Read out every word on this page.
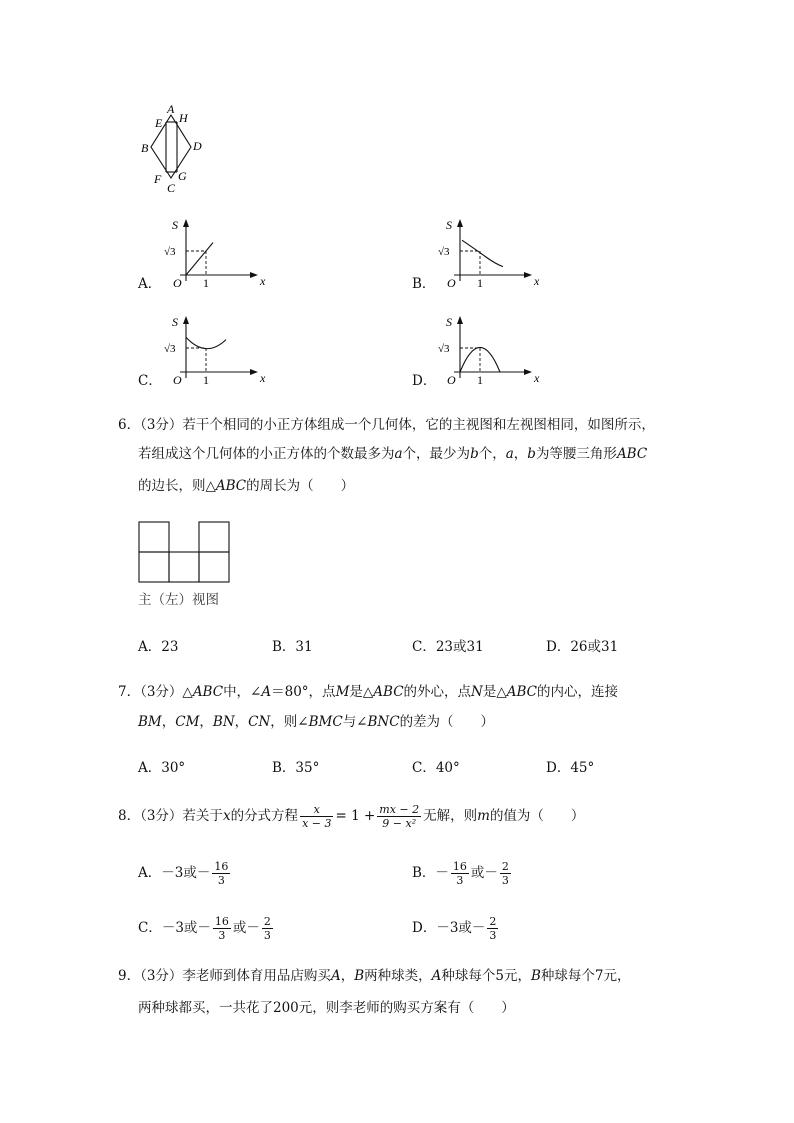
A
H
E
B	D
F G
C
A．
S
x
O 1
√3
B．
S
x
O 1
√3
C．
S
x
O 1
√3
D．
S
x
O 1
√3
6．（3分）若干个相同的小正方体组成一个几何体，它的主视图和左视图相同，如图所示，
若组成这个几何体的小正方体的个数最多为a个，最少为b个，a，b为等腰三角形ABC
的边长，则△ABC的周长为（　　）
主（左）视图
A．23	B．31	C．23或31	D．26或31
7．（3分）△ABC中，∠A＝80°，点M是△ABC的外心，点N是△ABC的内心，连接
BM，CM，BN，CN，则∠BMC与∠BNC的差为（　　）
A．30°	B．35°	C．40°	D．45°
8．（3分）若关于x的分式方程 $\frac{x}{x - 3} = 1 + \frac{mx - 2}{\text{9 − x²}}$ 无解，则m的值为（　　）
A．－3或－ $\frac{16}{3}$	B．－ $\frac{16}{3}$ 或－ $\frac{2}{3}$
C．－3或－ $\frac{16}{3}$ 或－ $\frac{2}{3}$	D．－3或－ $\frac{2}{3}$
9．（3分）李老师到体育用品店购买A，B两种球类，A种球每个5元，B种球每个7元，
两种球都买，一共花了200元，则李老师的购买方案有（　　）
